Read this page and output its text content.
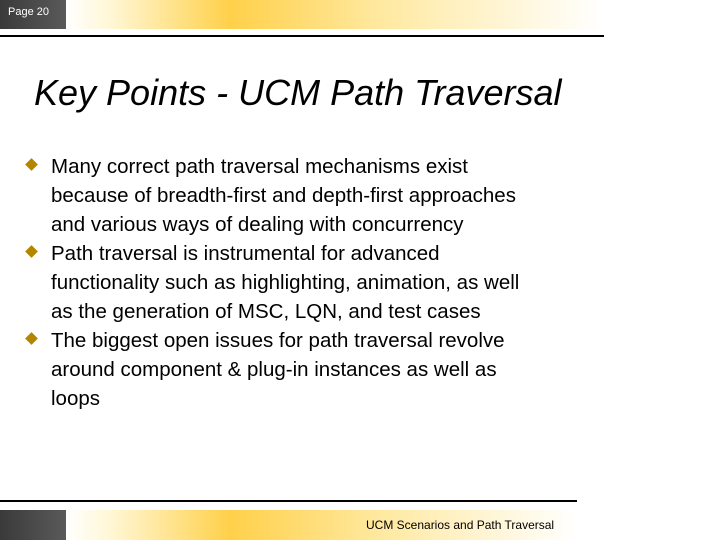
Page 20
Key Points - UCM Path Traversal
Many correct path traversal mechanisms exist
because of breadth-first and depth-first approaches
and various ways of dealing with concurrency
Path traversal is instrumental for advanced
functionality such as highlighting, animation, as well
as the generation of MSC, LQN, and test cases
The biggest open issues for path traversal revolve
around component & plug-in instances as well as
loops
UCM Scenarios and Path Traversal
